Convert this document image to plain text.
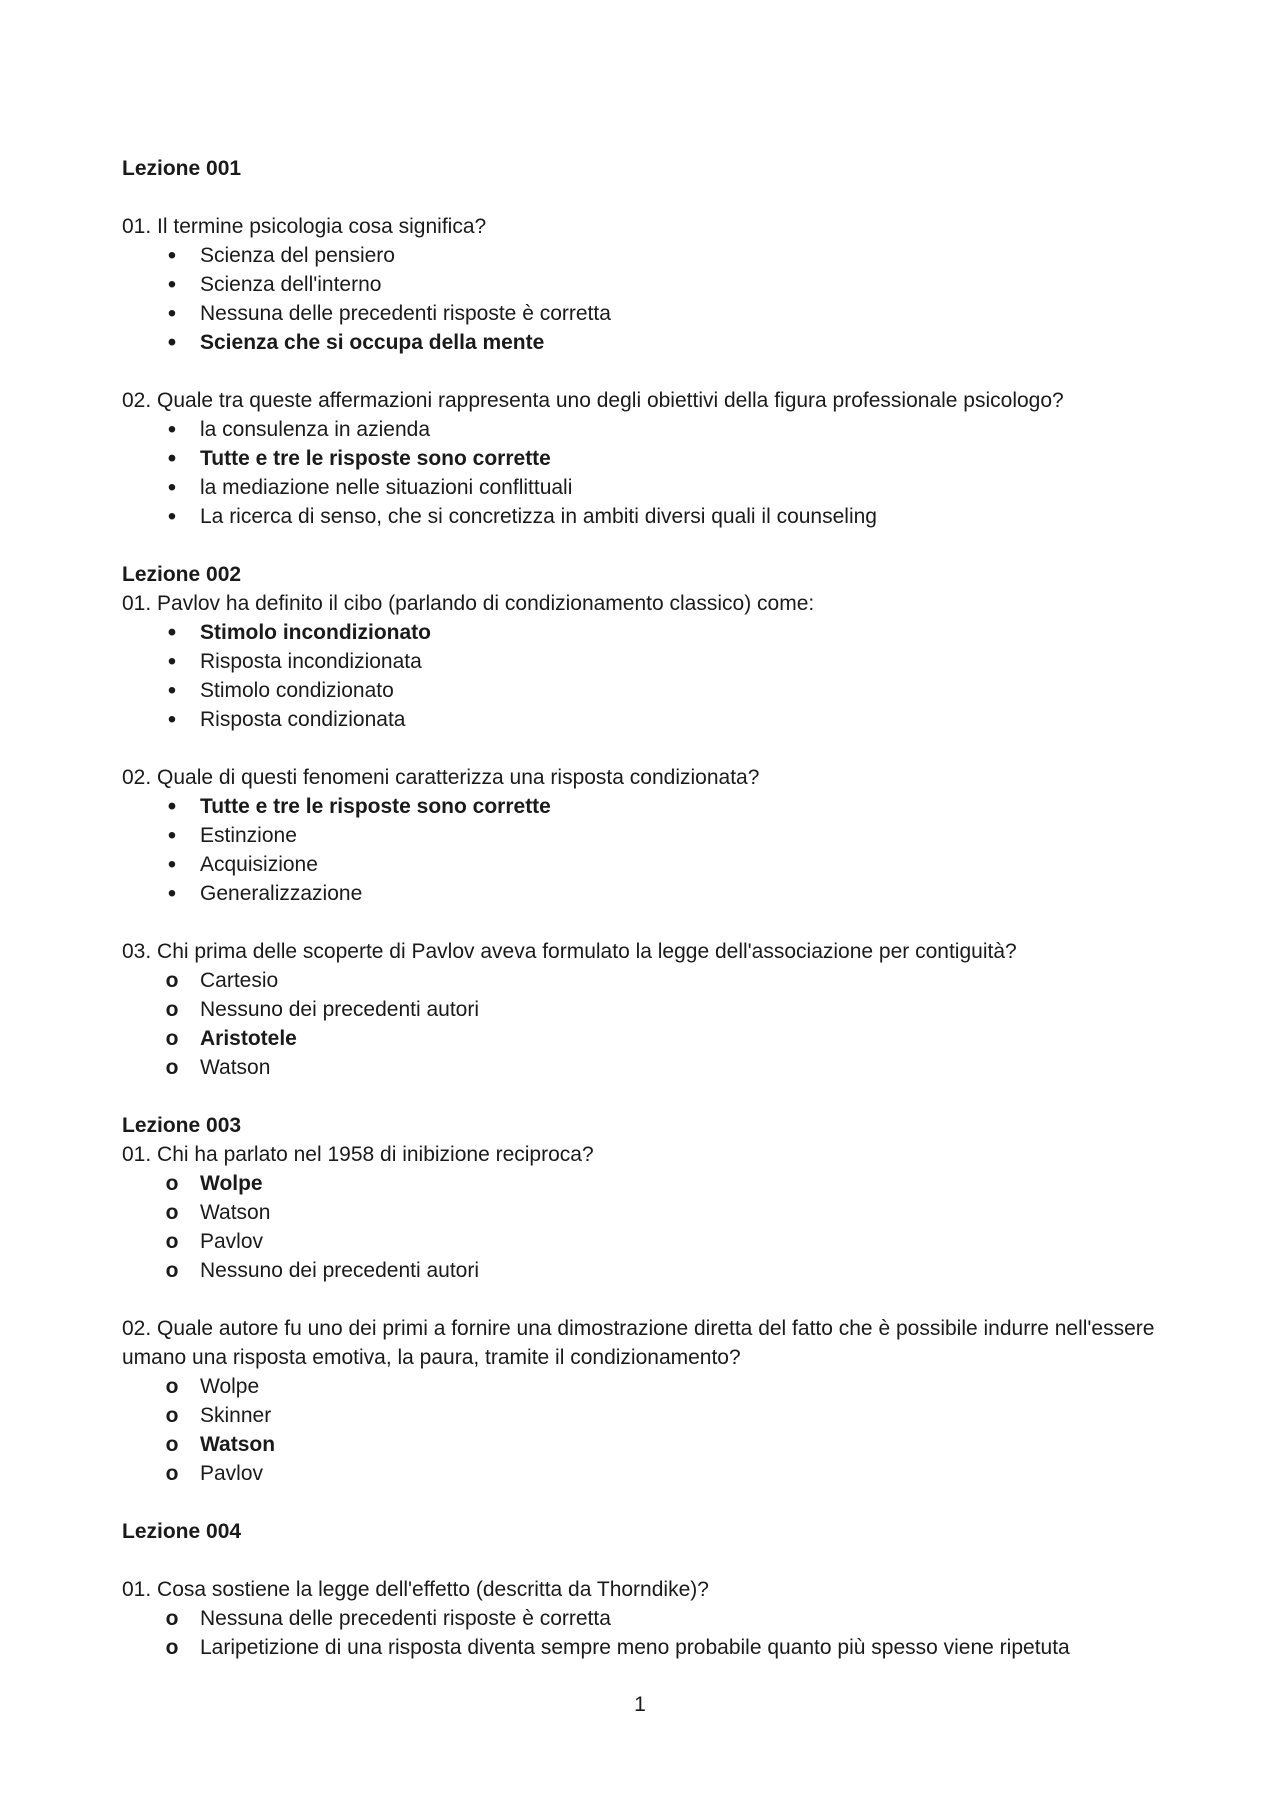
Lezione 001

01. Il termine psicologia cosa significa?

•
Scienza del pensiero
•
Scienza dell'interno
•
Nessuna delle precedenti risposte è corretta
•
Scienza che si occupa della mente

02. Quale tra queste affermazioni rappresenta uno degli obiettivi della figura professionale psicologo?

•
la consulenza in azienda
•
Tutte e tre le risposte sono corrette
•
la mediazione nelle situazioni conflittuali
•
La ricerca di senso, che si concretizza in ambiti diversi quali il counseling
Lezione 002

01. Pavlov ha definito il cibo (parlando di condizionamento classico) come:

•
Stimolo incondizionato
•
Risposta incondizionata
•
Stimolo condizionato
•
Risposta condizionata

02. Quale di questi fenomeni caratterizza una risposta condizionata?

•
Tutte e tre le risposte sono corrette
•
Estinzione
•
Acquisizione
•
Generalizzazione

03. Chi prima delle scoperte di Pavlov aveva formulato la legge dell'associazione per contiguità?

o Cartesio
o Nessuno dei precedenti autori
o Aristotele
o Watson
Lezione 003

01. Chi ha parlato nel 1958 di inibizione reciproca?

o Wolpe
o Watson
o Pavlov
o Nessuno dei precedenti autori

02. Quale autore fu uno dei primi a fornire una dimostrazione diretta del fatto che è possibile indurre nell'essere umano una risposta emotiva, la paura, tramite il condizionamento?

o Wolpe
o Skinner
o Watson
o Pavlov
Lezione 004

01. Cosa sostiene la legge dell'effetto (descritta da Thorndike)?

o Nessuna delle precedenti risposte è corretta
o Laripetizione di una risposta diventa sempre meno probabile quanto più spesso viene ripetuta
1
